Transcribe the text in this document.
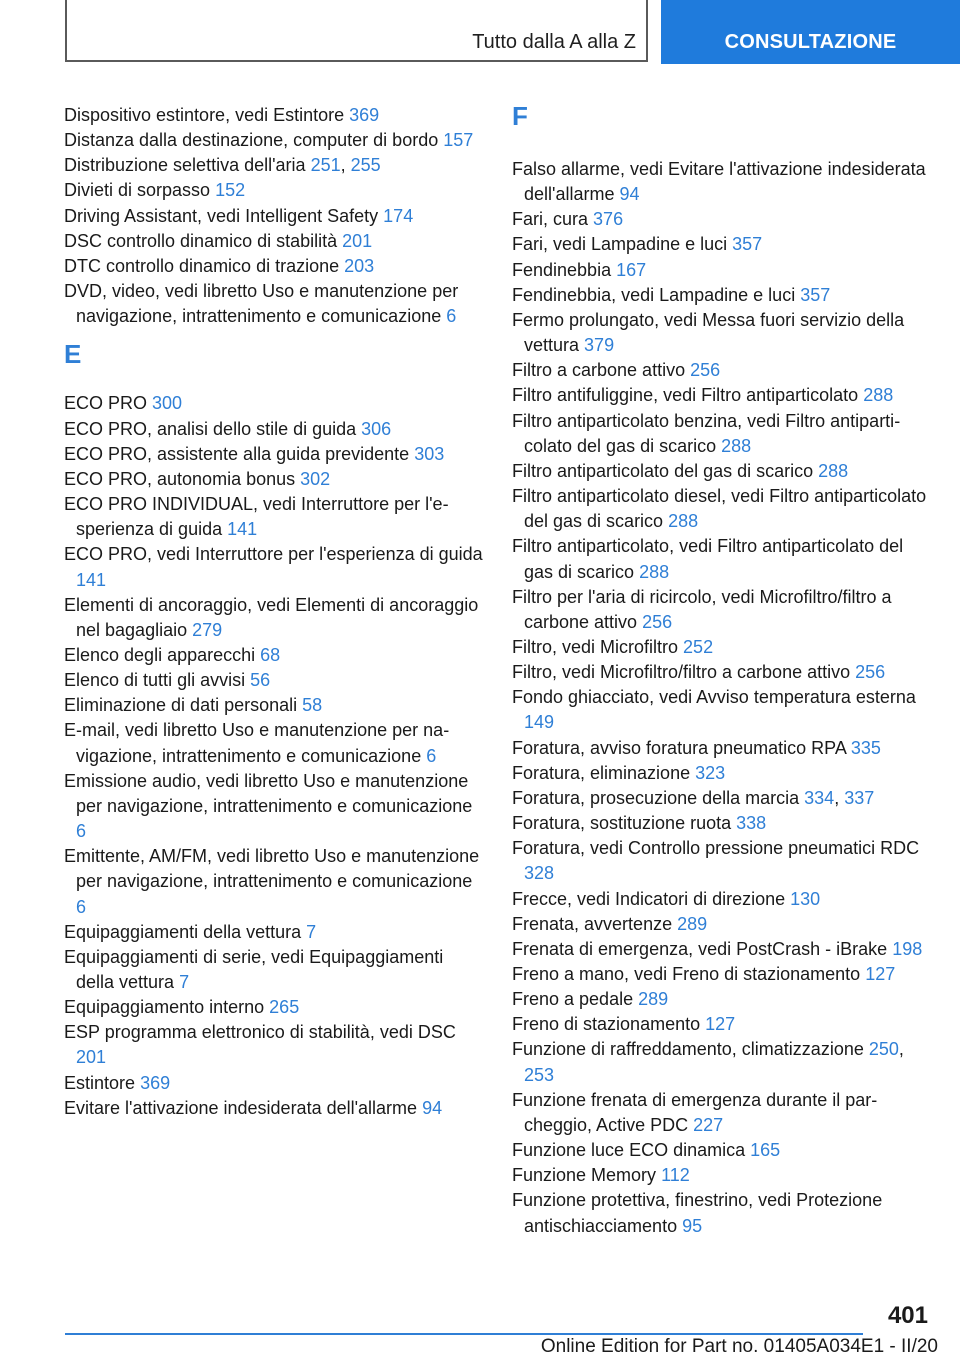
Tutto dalla A alla Z	CONSULTAZIONE
Dispositivo estintore, vedi Estintore 369
Distanza dalla destinazione, computer di bordo 157
Distribuzione selettiva dell'aria 251, 255
Divieti di sorpasso 152
Driving Assistant, vedi Intelligent Safety 174
DSC controllo dinamico di stabilità 201
DTC controllo dinamico di trazione 203
DVD, video, vedi libretto Uso e manutenzione per navigazione, intrattenimento e comunicazione 6
E
ECO PRO 300
ECO PRO, analisi dello stile di guida 306
ECO PRO, assistente alla guida previdente 303
ECO PRO, autonomia bonus 302
ECO PRO INDIVIDUAL, vedi Interruttore per l'esperienza di guida 141
ECO PRO, vedi Interruttore per l'esperienza di guida 141
Elementi di ancoraggio, vedi Elementi di ancoraggio nel bagagliaio 279
Elenco degli apparecchi 68
Elenco di tutti gli avvisi 56
Eliminazione di dati personali 58
E-mail, vedi libretto Uso e manutenzione per navigazione, intrattenimento e comunicazione 6
Emissione audio, vedi libretto Uso e manutenzione per navigazione, intrattenimento e comunicazione 6
Emittente, AM/FM, vedi libretto Uso e manutenzione per navigazione, intrattenimento e comunicazione 6
Equipaggiamenti della vettura 7
Equipaggiamenti di serie, vedi Equipaggiamenti della vettura 7
Equipaggiamento interno 265
ESP programma elettronico di stabilità, vedi DSC 201
Estintore 369
Evitare l'attivazione indesiderata dell'allarme 94
F
Falso allarme, vedi Evitare l'attivazione indesiderata dell'allarme 94
Fari, cura 376
Fari, vedi Lampadine e luci 357
Fendinebbia 167
Fendinebbia, vedi Lampadine e luci 357
Fermo prolungato, vedi Messa fuori servizio della vettura 379
Filtro a carbone attivo 256
Filtro antifuliggine, vedi Filtro antiparticolato 288
Filtro antiparticolato benzina, vedi Filtro antiparticolato del gas di scarico 288
Filtro antiparticolato del gas di scarico 288
Filtro antiparticolato diesel, vedi Filtro antiparticolato del gas di scarico 288
Filtro antiparticolato, vedi Filtro antiparticolato del gas di scarico 288
Filtro per l'aria di ricircolo, vedi Microfiltro/filtro a carbone attivo 256
Filtro, vedi Microfiltro 252
Filtro, vedi Microfiltro/filtro a carbone attivo 256
Fondo ghiacciato, vedi Avviso temperatura esterna 149
Foratura, avviso foratura pneumatico RPA 335
Foratura, eliminazione 323
Foratura, prosecuzione della marcia 334, 337
Foratura, sostituzione ruota 338
Foratura, vedi Controllo pressione pneumatici RDC 328
Frecce, vedi Indicatori di direzione 130
Frenata, avvertenze 289
Frenata di emergenza, vedi PostCrash - iBrake 198
Freno a mano, vedi Freno di stazionamento 127
Freno a pedale 289
Freno di stazionamento 127
Funzione di raffreddamento, climatizzazione 250, 253
Funzione frenata di emergenza durante il parcheggio, Active PDC 227
Funzione luce ECO dinamica 165
Funzione Memory 112
Funzione protettiva, finestrino, vedi Protezione antischiacciamento 95
401
Online Edition for Part no. 01405A034E1 - II/20
